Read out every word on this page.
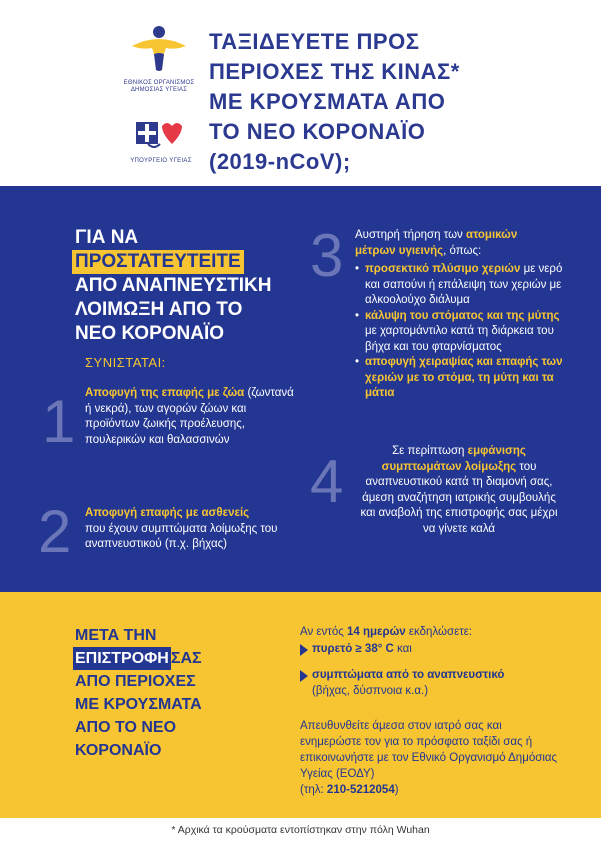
ΕΘΝΙΚΟΣ ΟΡΓΑΝΙΣΜΟΣ ΔΗΜΟΣΙΑΣ ΥΓΕΙΑΣ
ΥΠΟΥΡΓΕΙΟ ΥΓΕΙΑΣ
ΤΑΞΙΔΕΥΕΤΕ ΠΡΟΣ
ΠΕΡΙΟΧΕΣ ΤΗΣ ΚΙΝΑΣ*
ΜΕ ΚΡΟΥΣΜΑΤΑ ΑΠΟ
ΤΟ ΝΕΟ ΚΟΡΟΝΑΪΟ
(2019-nCoV);
ΓΙΑ ΝΑ
ΠΡΟΣΤΑΤΕΥΤΕΙΤΕ
ΑΠΟ ΑΝΑΠΝΕΥΣΤΙΚΗ
ΛΟΙΜΩΞΗ ΑΠΟ ΤΟ
ΝΕΟ ΚΟΡΟΝΑΪΟ
ΣΥΝΙΣΤΑΤΑΙ:
1
2
3
4
Αποφυγή της επαφής με ζώα (ζωντανά ή νεκρά), των αγορών ζώων και προϊόντων ζωικής προέλευσης, πουλερικών και θαλασσινών
Αποφυγή επαφής με ασθενείς
που έχουν συμπτώματα λοίμωξης του αναπνευστικού (π.χ. βήχας)
Αυστηρή τήρηση των ατομικών μέτρων υγιεινής, όπως:
• προσεκτικό πλύσιμο χεριών με νερό και σαπούνι ή επάλειψη των χεριών με αλκοολούχο διάλυμα
• κάλυψη του στόματος και της μύτης με χαρτομάντιλο κατά τη διάρκεια του βήχα και του φταρνίσματος
• αποφυγή χειραψίας και επαφής των χεριών με το στόμα, τη μύτη και τα μάτια
Σε περίπτωση εμφάνισης συμπτωμάτων λοίμωξης του αναπνευστικού κατά τη διαμονή σας, άμεση αναζήτηση ιατρικής συμβουλής και αναβολή της επιστροφής σας μέχρι να γίνετε καλά
ΜΕΤΑ ΤΗΝ
ΕΠΙΣΤΡΟΦΗ ΣΑΣ
ΑΠΟ ΠΕΡΙΟΧΕΣ
ΜΕ ΚΡΟΥΣΜΑΤΑ
ΑΠΟ ΤΟ ΝΕΟ
ΚΟΡΟΝΑΪΟ
Αν εντός 14 ημερών εκδηλώσετε:
πυρετό ≥ 38° C και
συμπτώματα από το αναπνευστικό
(βήχας, δύσπνοια κ.α.)
Απευθυνθείτε άμεσα στον ιατρό σας και ενημερώστε τον για το πρόσφατο ταξίδι σας ή επικοινωνήστε με τον Εθνικό Οργανισμό Δημόσιας Υγείας (ΕΟΔΥ)
(τηλ: 210-5212054)
* Αρχικά τα κρούσματα εντοπίστηκαν στην πόλη Wuhan
